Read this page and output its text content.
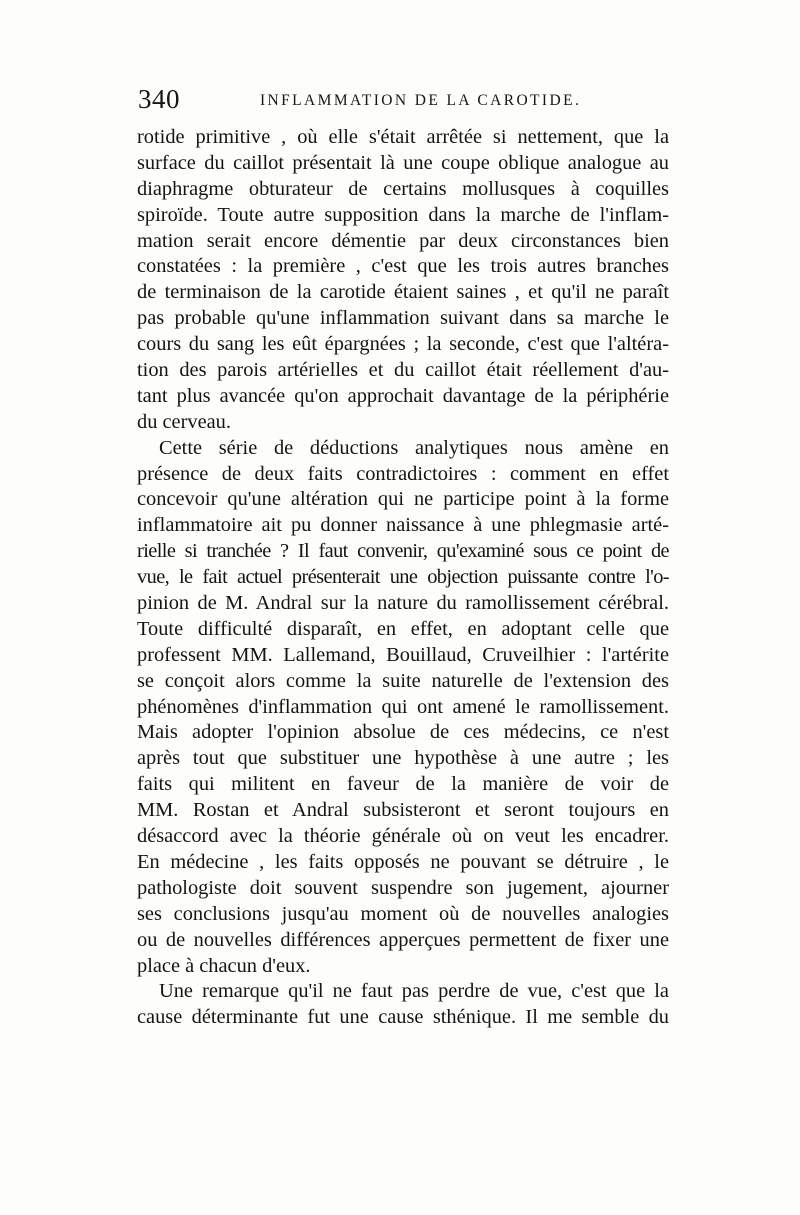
340	INFLAMMATION DE LA CAROTIDE.
rotide primitive , où elle s'était arrêtée si nettement, que la
surface du caillot présentait là une coupe oblique analogue au
diaphragme obturateur de certains mollusques à coquilles
spiroïde. Toute autre supposition dans la marche de l'inflam-
mation serait encore démentie par deux circonstances bien
constatées : la première , c'est que les trois autres branches
de terminaison de la carotide étaient saines , et qu'il ne paraît
pas probable qu'une inflammation suivant dans sa marche le
cours du sang les eût épargnées ; la seconde, c'est que l'altéra-
tion des parois artérielles et du caillot était réellement d'au-
tant plus avancée qu'on approchait davantage de la périphérie
du cerveau.
Cette série de déductions analytiques nous amène en
présence de deux faits contradictoires : comment en effet
concevoir qu'une altération qui ne participe point à la forme
inflammatoire ait pu donner naissance à une phlegmasie arté-
rielle si tranchée ? Il faut convenir, qu'examiné sous ce point de
vue, le fait actuel présenterait une objection puissante contre l'o-
pinion de M. Andral sur la nature du ramollissement cérébral.
Toute difficulté disparaît, en effet, en adoptant celle que
professent MM. Lallemand, Bouillaud, Cruveilhier : l'artérite
se conçoit alors comme la suite naturelle de l'extension des
phénomènes d'inflammation qui ont amené le ramollissement.
Mais adopter l'opinion absolue de ces médecins, ce n'est
après tout que substituer une hypothèse à une autre ; les
faits qui militent en faveur de la manière de voir de
MM. Rostan et Andral subsisteront et seront toujours en
désaccord avec la théorie générale où on veut les encadrer.
En médecine , les faits opposés ne pouvant se détruire , le
pathologiste doit souvent suspendre son jugement, ajourner
ses conclusions jusqu'au moment où de nouvelles analogies
ou de nouvelles différences apperçues permettent de fixer une
place à chacun d'eux.
Une remarque qu'il ne faut pas perdre de vue, c'est que la
cause déterminante fut une cause sthénique. Il me semble du
